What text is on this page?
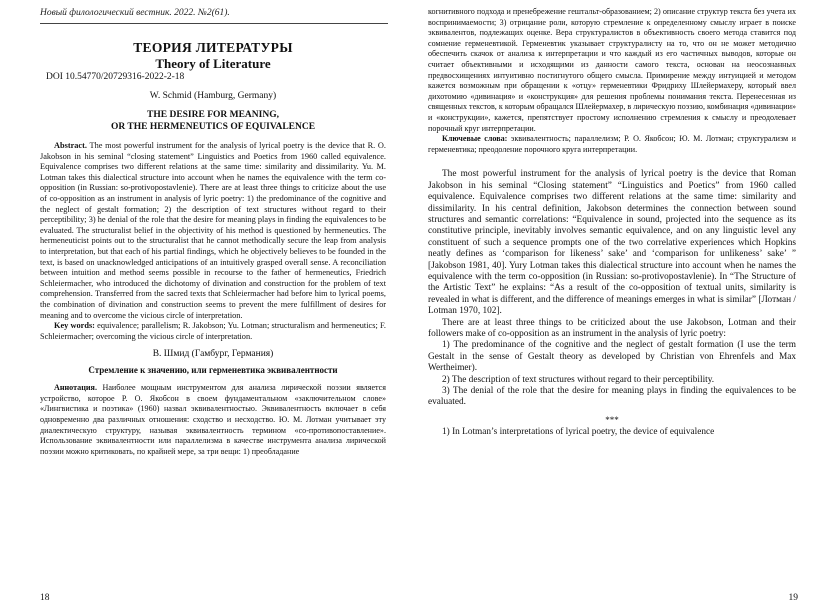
Новый филологический вестник. 2022. №2(61).
ТЕОРИЯ ЛИТЕРАТУРЫ
Theory of Literature
DOI 10.54770/20729316-2022-2-18
W. Schmid (Hamburg, Germany)
THE DESIRE FOR MEANING,
OR THE HERMENEUTICS OF EQUIVALENCE

Abstract. The most powerful instrument for the analysis of lyrical poetry is the device that R. O. Jakobson in his seminal “closing statement” Linguistics and Poetics from 1960 called equivalence. Equivalence comprises two different relations at the same time: similarity and dissimilarity. Yu. M. Lotman takes this dialectical structure into account when he names the equivalence with the term co-opposition (in Russian: so-protivopostavlenie). There are at least three things to criticize about the use of co-opposition as an instrument in analysis of lyric poetry: 1) the predominance of the cognitive and the neglect of gestalt formation; 2) the description of text structures without regard to their perceptibility; 3) he denial of the role that the desire for meaning plays in finding the equivalences to be evaluated. The structuralist belief in the objectivity of his method is questioned by hermeneutics. The hermeneuticist points out to the structuralist that he cannot methodically secure the leap from analysis to interpretation, but that each of his partial findings, which he objectively believes to be founded in the text, is based on unacknowledged anticipations of an intuitively grasped overall sense. A reconciliation between intuition and method seems possible in recourse to the father of hermeneutics, Friedrich Schleiermacher, who introduced the dichotomy of divination and construction for the problem of text comprehension. Transferred from the sacred texts that Schleiermacher had before him to lyrical poems, the combination of divination and construction seems to prevent the mere fulfillment of desires for meaning and to overcome the vicious circle of interpretation.

Key words: equivalence; parallelism; R. Jakobson; Yu. Lotman; structuralism and hermeneutics; F. Schleiermacher; overcoming the vicious circle of interpretation.

В. Шмид (Гамбург, Германия)
Стремление к значению, или герменевтика эквивалентности

Аннотация. Наиболее мощным инструментом для анализа лирической поэзии является устройство, которое Р. О. Якобсон в своем фундаментальном «заключительном слове» «Лингвистика и поэтика» (1960) назвал эквивалентностью. Эквивалентность включает в себя одновременно два различных отношения: сходство и несходство. Ю. М. Лотман учитывает эту диалектическую структуру, называя эквивалентность термином «со-противопоставление». Использование эквивалентности или параллелизма в качестве инструмента анализа лирической поэзии можно критиковать, по крайней мере, за три вещи: 1) преобладание

18

когнитивного подхода и пренебрежение гештальт-образованием; 2) описание структур текста без учета их воспринимаемости; 3) отрицание роли, которую стремление к определенному смыслу играет в поиске эквивалентов, подлежащих оценке. Вера структуралистов в объективность своего метода ставится под сомнение герменевтикой. Герменевтик указывает структуралисту на то, что он не может методично обеспечить скачок от анализа к интерпретации и что каждый из его частичных выводов, которые он считает объективными и исходящими из данности самого текста, основан на неосознанных предвосхищениях интуитивно постигнутого общего смысла. Примирение между интуицией и методом кажется возможным при обращении к «отцу» герменевтики Фридриху Шлейермахеру, который ввел дихотомию «дивинация» и «конструкция» для решения проблемы понимания текста. Перенесенная из священных текстов, к которым обращался Шлейермахер, в лирическую поэзию, комбинация «дивинации» и «конструкции», кажется, препятствует простому исполнению стремления к смыслу и преодолевает порочный круг интерпретации.

Ключевые слова: эквивалентность; параллелизм; Р. О. Якобсон; Ю. М. Лотман; структурализм и герменевтика; преодоление порочного круга интерпретации.

The most powerful instrument for the analysis of lyrical poetry is the device that Roman Jakobson in his seminal “Closing statement” “Linguistics and Poetics” from 1960 called equivalence. Equivalence comprises two different relations at the same time: similarity and dissimilarity. In his central definition, Jakobson determines the connection between sound structures and semantic correlations: “Equivalence in sound, projected into the sequence as its constitutive principle, inevitably involves semantic equivalence, and on any linguistic level any constituent of such a sequence prompts one of the two correlative experiences which Hopkins neatly defines as ‘comparison for likeness’ sake’ and ‘comparison for unlikeness’ sake’ ” [Jakobson 1981, 40]. Yury Lotman takes this dialectical structure into account when he names the equivalence with the term co-opposition (in Russian: so-protivopostavlenie). In “The Structure of the Artistic Text” he explains: “As a result of the co-opposition of textual units, similarity is revealed in what is different, and the difference of meanings emerges in what is similar” [Лотман / Lotman 1970, 102].

There are at least three things to be criticized about the use Jakobson, Lotman and their followers make of co-opposition as an instrument in the analysis of lyric poetry:

1) The predominance of the cognitive and the neglect of gestalt formation (I use the term Gestalt in the sense of Gestalt theory as developed by Christian von Ehrenfels and Max Wertheimer).

2) The description of text structures without regard to their perceptibility.

3) The denial of the role that the desire for meaning plays in finding the equivalences to be evaluated.

***

1) In Lotman’s interpretations of lyrical poetry, the device of equivalence

19
